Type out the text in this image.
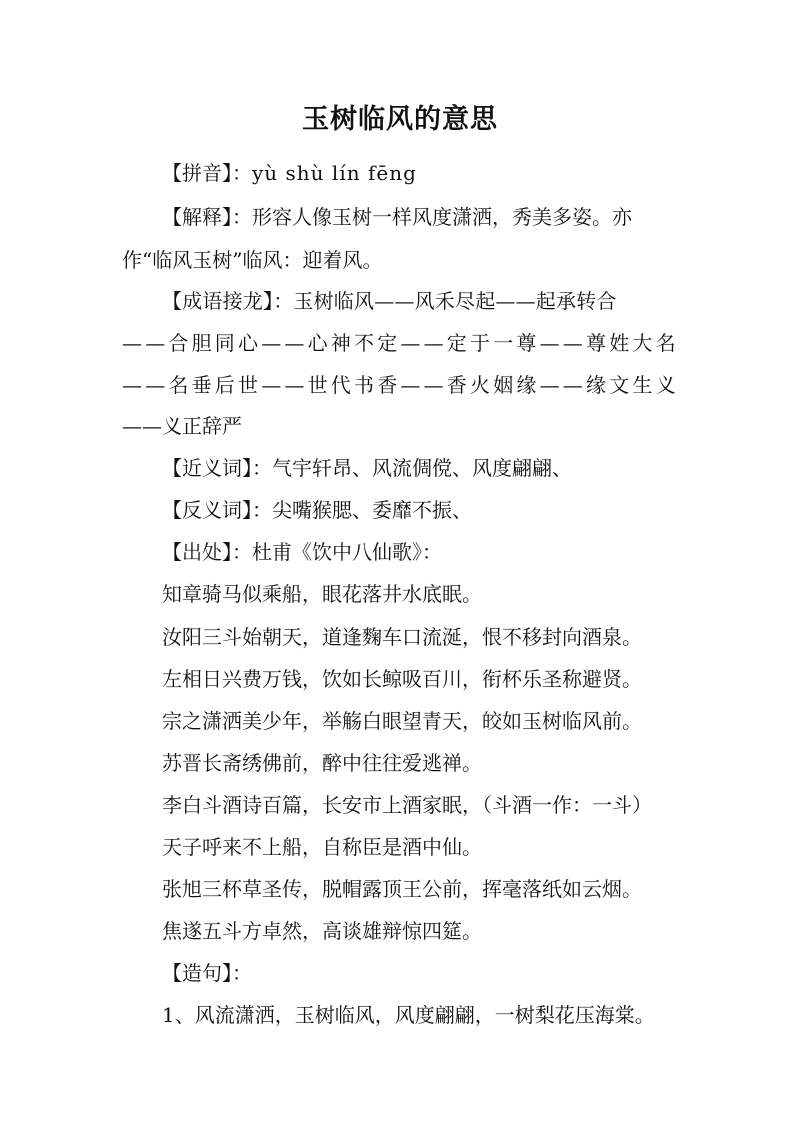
玉树临风的意思
【拼音】：yù shù lín fēng
【解释】：形容人像玉树一样风度潇洒，秀美多姿。亦
作“临风玉树”临风：迎着风。
【成语接龙】：玉树临风——风禾尽起——起承转合
——合胆同心——心神不定——定于一尊——尊姓大名
——名垂后世——世代书香——香火姻缘——缘文生义
——义正辞严
【近义词】：气宇轩昂、风流倜傥、风度翩翩、
【反义词】：尖嘴猴腮、委靡不振、
【出处】：杜甫《饮中八仙歌》：
知章骑马似乘船，眼花落井水底眠。
汝阳三斗始朝天，道逢麴车口流涎，恨不移封向酒泉。
左相日兴费万钱，饮如长鲸吸百川，衔杯乐圣称避贤。
宗之潇洒美少年，举觞白眼望青天，皎如玉树临风前。
苏晋长斋绣佛前，醉中往往爱逃禅。
李白斗酒诗百篇，长安市上酒家眠，（斗酒一作：一斗）
天子呼来不上船，自称臣是酒中仙。
张旭三杯草圣传，脱帽露顶王公前，挥毫落纸如云烟。
焦遂五斗方卓然，高谈雄辩惊四筵。
【造句】：
1、风流潇洒，玉树临风，风度翩翩，一树梨花压海棠。
